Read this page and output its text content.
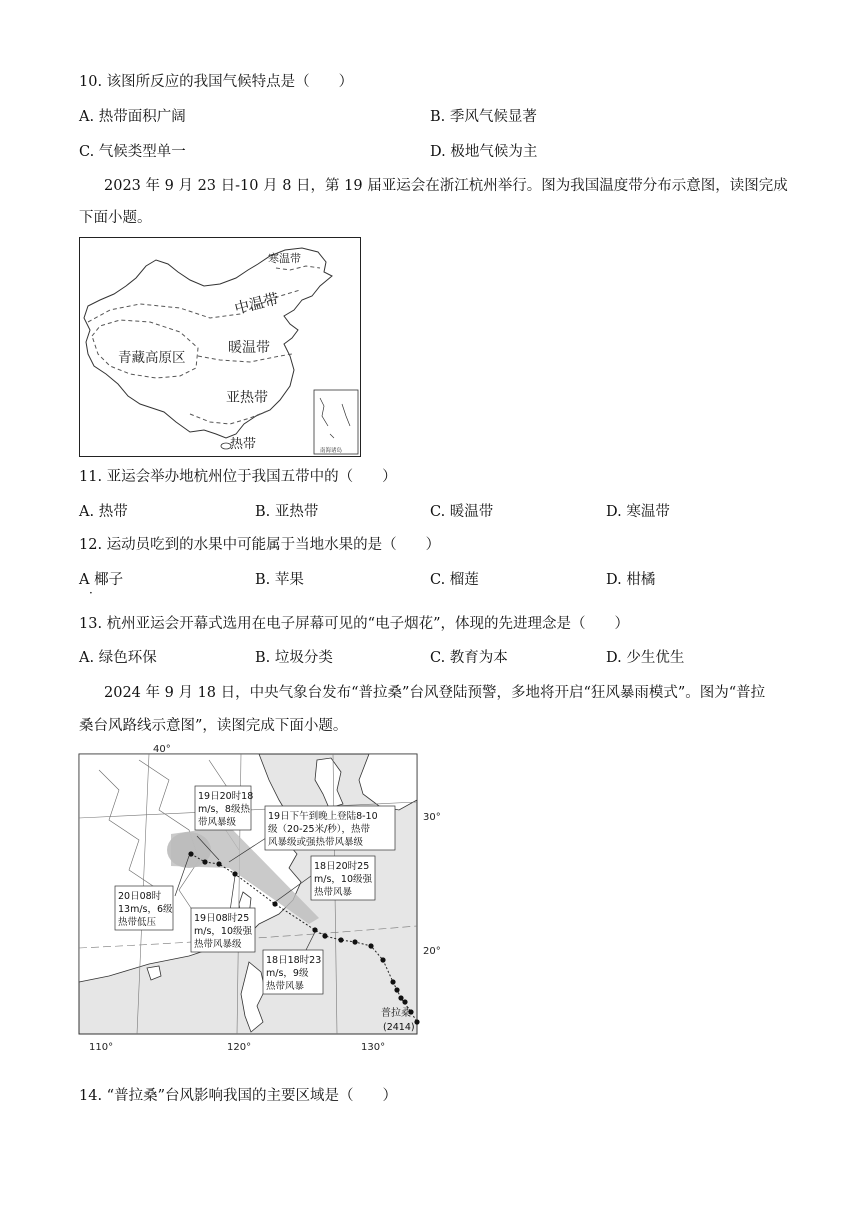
10. 该图所反应的我国气候特点是（　　）
A. 热带面积广阔	B. 季风气候显著
C. 气候类型单一	D. 极地气候为主
2023 年 9 月 23 日-10 月 8 日，第 19 届亚运会在浙江杭州举行。图为我国温度带分布示意图，读图完成
下面小题。
寒温带
中温带
青藏高原区
暖温带
亚热带
热带	南海诸岛
11. 亚运会举办地杭州位于我国五带中的（　　）
A. 热带	B. 亚热带	C. 暖温带	D. 寒温带
12. 运动员吃到的水果中可能属于当地水果的是（　　）
A 椰子	B. 苹果	C. 榴莲	D. 柑橘
·
13. 杭州亚运会开幕式选用在电子屏幕可见的“电子烟花”，体现的先进理念是（　　）
A. 绿色环保	B. 垃圾分类	C. 教育为本	D. 少生优生
2024 年 9 月 18 日，中央气象台发布“普拉桑”台风登陆预警，多地将开启“狂风暴雨模式”。图为“普拉
桑台风路线示意图”，读图完成下面小题。
40°
30°
20°
110°	120°	130°
19日20时18
m/s，8级热
带风暴级
19日下午到晚上登陆8-10
级（20-25米/秒），热带
风暴级或强热带风暴级
18日20时25
m/s，10级强
热带风暴
20日08时
13m/s，6级
热带低压	19日08时25
m/s，10级强
热带风暴级
18日18时23
m/s，9级
热带风暴
普拉桑
(2414)
14. “普拉桑”台风影响我国的主要区域是（　　）
